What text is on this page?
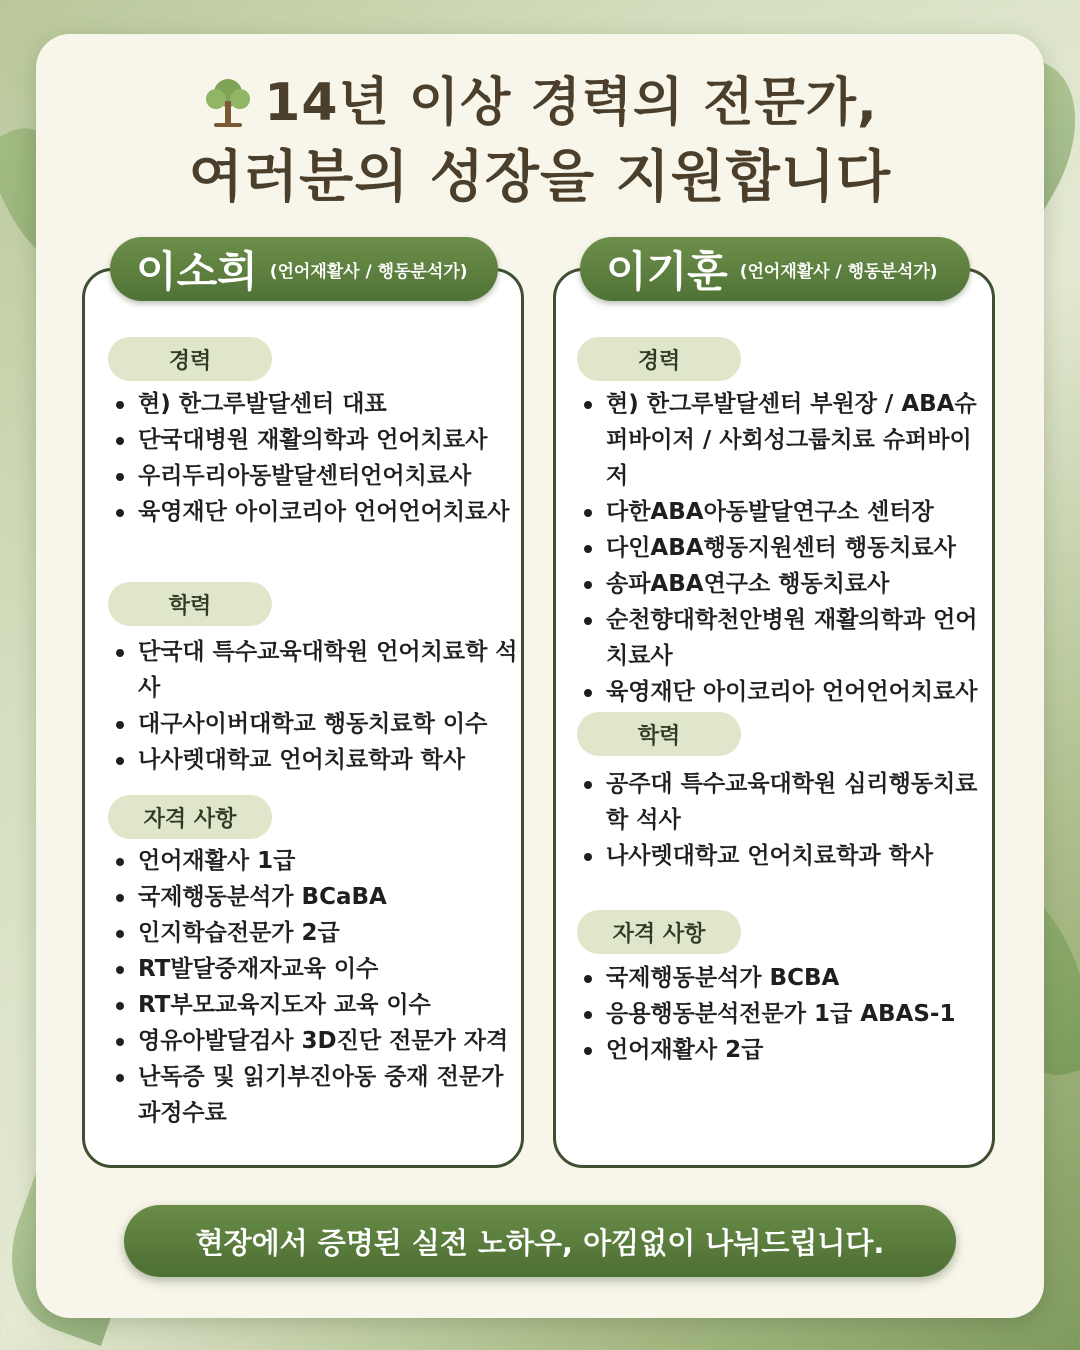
14년 이상 경력의 전문가,
여러분의 성장을 지원합니다
이소희 (언어재활사 / 행동분석가)
경력
현) 한그루발달센터 대표
단국대병원 재활의학과 언어치료사
우리두리아동발달센터언어치료사
육영재단 아이코리아 언어언어치료사
학력
단국대 특수교육대학원 언어치료학 석사
대구사이버대학교 행동치료학 이수
나사렛대학교 언어치료학과 학사
자격 사항
언어재활사 1급
국제행동분석가 BCaBA
인지학습전문가 2급
RT발달중재자교육 이수
RT부모교육지도자 교육 이수
영유아발달검사 3D진단 전문가 자격
난독증 및 읽기부진아동 중재 전문가과정수료
이기훈 (언어재활사 / 행동분석가)
경력
현) 한그루발달센터 부원장 / ABA슈퍼바이저 / 사회성그룹치료 슈퍼바이저
다한ABA아동발달연구소 센터장
다인ABA행동지원센터 행동치료사
송파ABA연구소 행동치료사
순천향대학천안병원 재활의학과 언어치료사
육영재단 아이코리아 언어언어치료사
학력
공주대 특수교육대학원 심리행동치료학 석사
나사렛대학교 언어치료학과 학사
자격 사항
국제행동분석가 BCBA
응용행동분석전문가 1급 ABAS-1
언어재활사 2급
현장에서 증명된 실전 노하우, 아낌없이 나눠드립니다.
